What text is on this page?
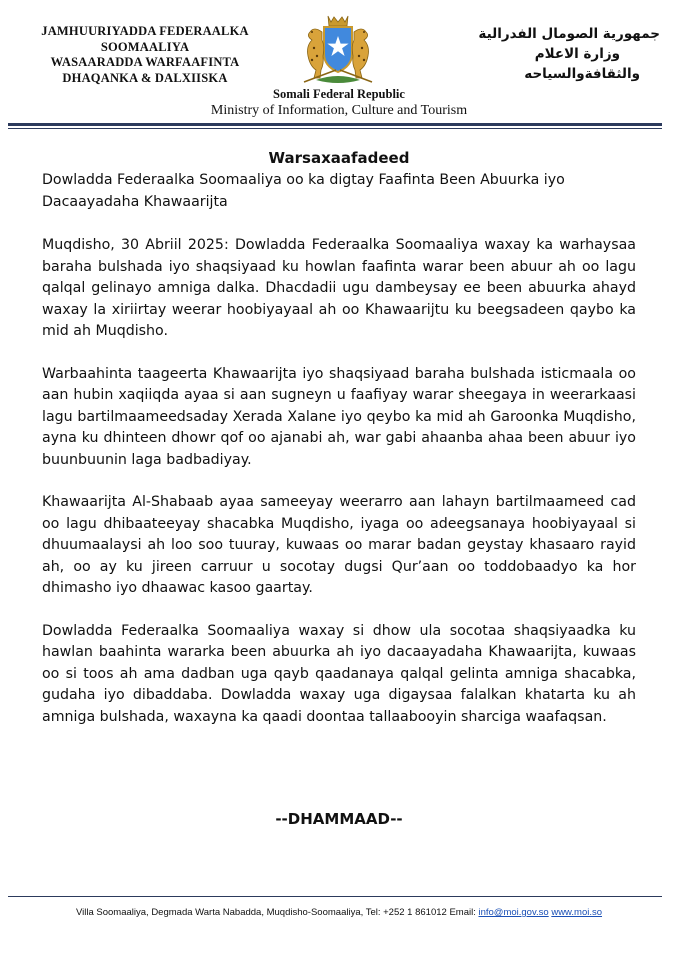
JAMHUURIYADDA FEDERAALKA
SOOMAALIYA
WASAARADDA WARFAAFINTA
DHAQANKA & DALXIISKA
جمهورية الصومال الفدرالية
وزارة الاعلام
والثقافةوالسياحه
Somali Federal Republic
Ministry of Information, Culture and Tourism
Warsaxaafadeed

Dowladda Federaalka Soomaaliya oo ka digtay Faafinta Been Abuurka iyo Dacaayadaha Khawaarijta

Muqdisho, 30 Abriil 2025: Dowladda Federaalka Soomaaliya waxay ka warhaysaa baraha bulshada iyo shaqsiyaad ku howlan faafinta warar been abuur ah oo lagu qalqal gelinayo amniga dalka. Dhacdadii ugu dambeysay ee been abuurka ahayd waxay la xiriirtay weerar hoobiyayaal ah oo Khawaarijtu ku beegsadeen qaybo ka mid ah Muqdisho.

Warbaahinta taageerta Khawaarijta iyo shaqsiyaad baraha bulshada isticmaala oo aan hubin xaqiiqda ayaa si aan sugneyn u faafiyay warar sheegaya in weerarkaasi lagu bartilmaameedsaday Xerada Xalane iyo qeybo ka mid ah Garoonka Muqdisho, ayna ku dhinteen dhowr qof oo ajanabi ah, war gabi ahaanba ahaa been abuur iyo buunbuunin laga badbadiyay.

Khawaarijta Al-Shabaab ayaa sameeyay weerarro aan lahayn bartilmaameed cad oo lagu dhibaateeyay shacabka Muqdisho, iyaga oo adeegsanaya hoobiyayaal si dhuumaalaysi ah loo soo tuuray, kuwaas oo marar badan geystay khasaaro rayid ah, oo ay ku jireen carruur u socotay dugsi Qur’aan oo toddobaadyo ka hor dhimasho iyo dhaawac kasoo gaartay.

Dowladda Federaalka Soomaaliya waxay si dhow ula socotaa shaqsiyaadka ku hawlan baahinta wararka been abuurka ah iyo dacaayadaha Khawaarijta, kuwaas oo si toos ah ama dadban uga qayb qaadanaya qalqal gelinta amniga shacabka, gudaha iyo dibaddaba. Dowladda waxay uga digaysaa falalkan khatarta ku ah amniga bulshada, waxayna ka qaadi doontaa tallaabooyin sharciga waafaqsan.

--DHAMMAAD--
Villa Soomaaliya, Degmada Warta Nabadda, Muqdisho-Soomaaliya, Tel: +252 1 861012 Email: info@moi.gov.so www.moi.so
